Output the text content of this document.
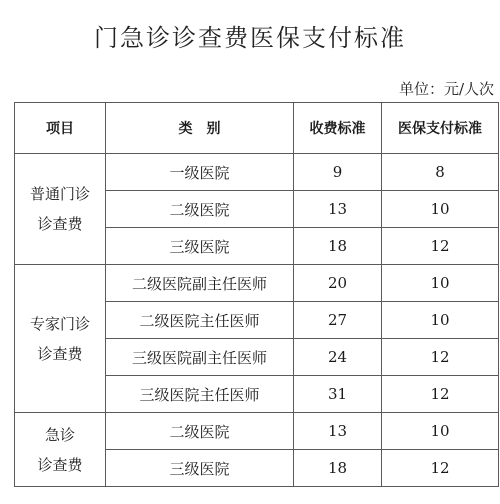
门急诊诊查费医保支付标准
单位：元/人次
项目	类　别	收费标准	医保支付标准

普通门诊
诊查费	一级医院	9	8
	二级医院	13	10
	三级医院	18	12

专家门诊
诊查费	二级医院副主任医师	20	10
	二级医院主任医师	27	10
	三级医院副主任医师	24	12
	三级医院主任医师	31	12

急诊
诊查费	二级医院	13	10
	三级医院	18	12
